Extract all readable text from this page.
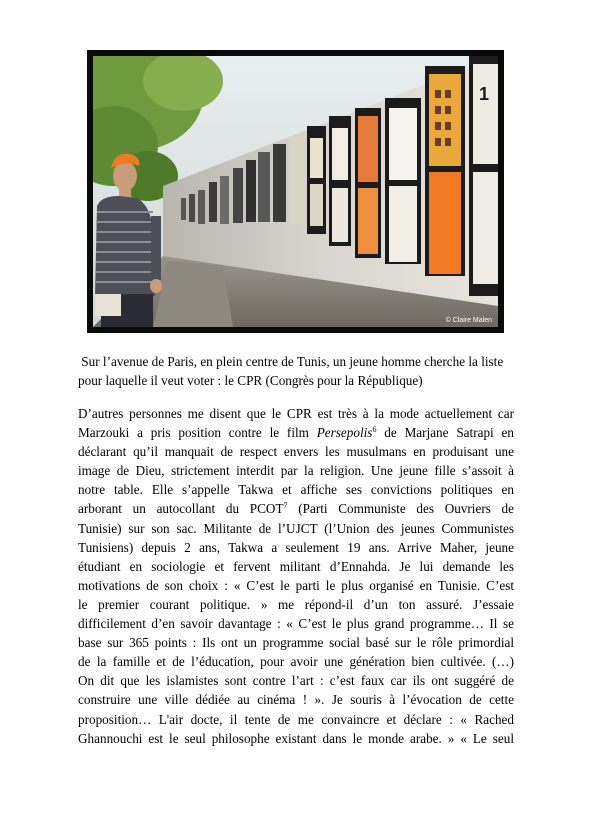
1
© Claire Malen
Sur l’avenue de Paris, en plein centre de Tunis, un jeune homme cherche la liste pour laquelle il veut voter : le CPR (Congrès pour la République)
D’autres personnes me disent que le CPR est très à la mode actuellement car
Marzouki a pris position contre le film Persepolis$^6$ de Marjane Satrapi en
déclarant qu’il manquait de respect envers les musulmans en produisant une
image de Dieu, strictement interdit par la religion. Une jeune fille s’assoit à
notre table. Elle s’appelle Takwa et affiche ses convictions politiques en
arborant un autocollant du PCOT$^7$ (Parti Communiste des Ouvriers de
Tunisie) sur son sac. Militante de l’UJCT (l’Union des jeunes Communistes
Tunisiens) depuis 2 ans, Takwa a seulement 19 ans. Arrive Maher, jeune
étudiant en sociologie et fervent militant d’Ennahda. Je lui demande les
motivations de son choix : « C’est le parti le plus organisé en Tunisie. C’est
le premier courant politique. » me répond-il d’un ton assuré. J’essaie
difficilement d’en savoir davantage : « C’est le plus grand programme… Il se
base sur 365 points : Ils ont un programme social basé sur le rôle primordial
de la famille et de l’éducation, pour avoir une génération bien cultivée. (…)
On dit que les islamistes sont contre l’art : c’est faux car ils ont suggéré de
construire une ville dédiée au cinéma ! ». Je souris à l’évocation de cette
proposition… L'air docte, il tente de me convaincre et déclare : « Rached
Ghannouchi est le seul philosophe existant dans le monde arabe. » « Le seul
